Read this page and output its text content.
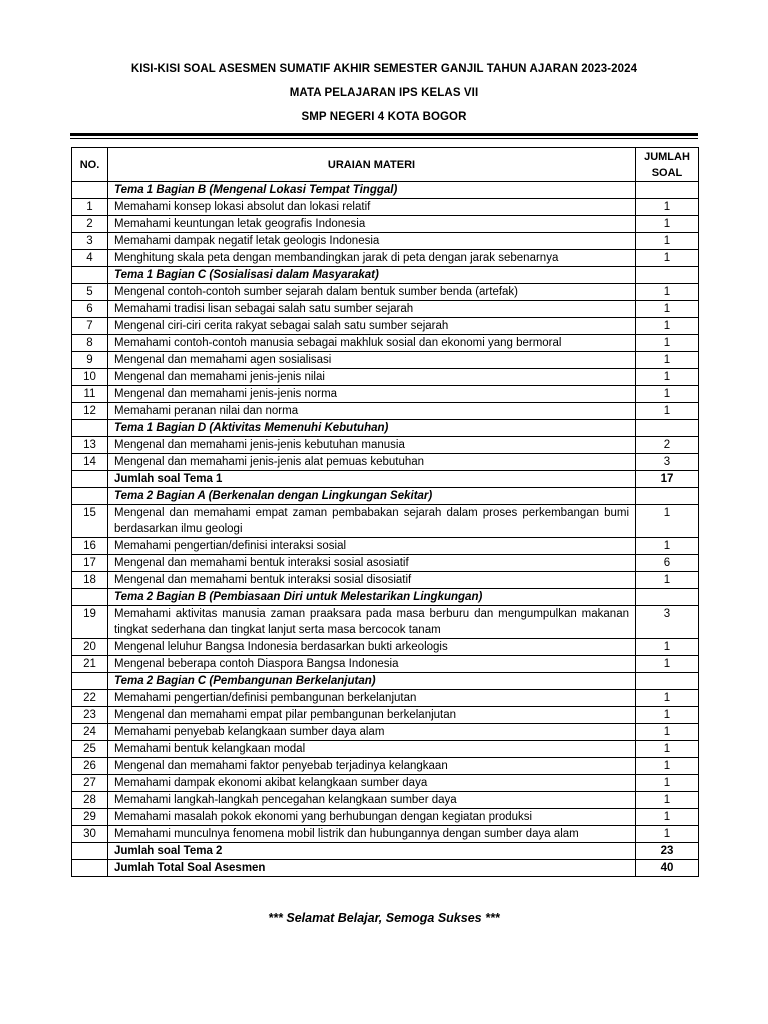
KISI-KISI SOAL ASESMEN SUMATIF AKHIR SEMESTER GANJIL TAHUN AJARAN 2023-2024
MATA PELAJARAN IPS KELAS VII
SMP NEGERI 4 KOTA BOGOR
NO.	URAIAN MATERI	JUMLAH
SOAL

	Tema 1 Bagian B (Mengenal Lokasi Tempat Tinggal)	
1	Memahami konsep lokasi absolut dan lokasi relatif	1
2	Memahami keuntungan letak geografis Indonesia	1
3	Memahami dampak negatif letak geologis Indonesia	1
4	Menghitung skala peta dengan membandingkan jarak di peta dengan jarak sebenarnya	1
	Tema 1 Bagian C (Sosialisasi dalam Masyarakat)	
5	Mengenal contoh-contoh sumber sejarah dalam bentuk sumber benda (artefak)	1
6	Memahami tradisi lisan sebagai salah satu sumber sejarah	1
7	Mengenal ciri-ciri cerita rakyat sebagai salah satu sumber sejarah	1
8	Memahami contoh-contoh manusia sebagai makhluk sosial dan ekonomi yang bermoral	1
9	Mengenal dan memahami agen sosialisasi	1
10	Mengenal dan memahami jenis-jenis nilai	1
11	Mengenal dan memahami jenis-jenis norma	1
12	Memahami peranan nilai dan norma	1
	Tema 1 Bagian D (Aktivitas Memenuhi Kebutuhan)	
13	Mengenal dan memahami jenis-jenis kebutuhan manusia	2
14	Mengenal dan memahami jenis-jenis alat pemuas kebutuhan	3
	Jumlah soal Tema 1	17
	Tema 2 Bagian A (Berkenalan dengan Lingkungan Sekitar)	
15	Mengenal dan memahami empat zaman pembabakan sejarah dalam proses perkembangan bumi berdasarkan ilmu geologi	1
16	Memahami pengertian/definisi interaksi sosial	1
17	Mengenal dan memahami bentuk interaksi sosial asosiatif	6
18	Mengenal dan memahami bentuk interaksi sosial disosiatif	1
	Tema 2 Bagian B (Pembiasaan Diri untuk Melestarikan Lingkungan)	
19	Memahami aktivitas manusia zaman praaksara pada masa berburu dan mengumpulkan makanan tingkat sederhana dan tingkat lanjut serta masa bercocok tanam	3
20	Mengenal leluhur Bangsa Indonesia berdasarkan bukti arkeologis	1
21	Mengenal beberapa contoh Diaspora Bangsa Indonesia	1
	Tema 2 Bagian C (Pembangunan Berkelanjutan)	
22	Memahami pengertian/definisi pembangunan berkelanjutan	1
23	Mengenal dan memahami empat pilar pembangunan berkelanjutan	1
24	Memahami penyebab kelangkaan sumber daya alam	1
25	Memahami bentuk kelangkaan modal	1
26	Mengenal dan memahami faktor penyebab terjadinya kelangkaan	1
27	Memahami dampak ekonomi akibat kelangkaan sumber daya	1
28	Memahami langkah-langkah pencegahan kelangkaan sumber daya	1
29	Memahami masalah pokok ekonomi yang berhubungan dengan kegiatan produksi	1
30	Memahami munculnya fenomena mobil listrik dan hubungannya dengan sumber daya alam	1
	Jumlah soal Tema 2	23
	Jumlah Total Soal Asesmen	40
*** Selamat Belajar, Semoga Sukses ***
